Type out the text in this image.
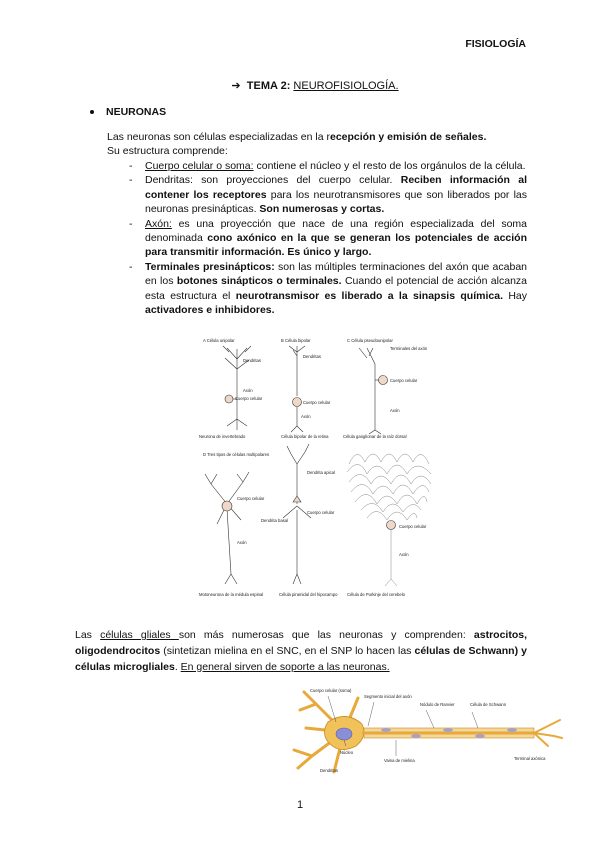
FISIOLOGÍA
➔ TEMA 2: NEUROFISIOLOGÍA.
NEURONAS

Las neuronas son células especializadas en la recepción y emisión de señales.

Su estructura comprende:

- Cuerpo celular o soma: contiene el núcleo y el resto de los orgánulos de la célula.
- Dendritas: son proyecciones del cuerpo celular. Reciben información al contener los receptores para los neurotransmisores que son liberados por las neuronas presinápticas. Son numerosas y cortas.
- Axón: es una proyección que nace de una región especializada del soma denominada cono axónico en la que se generan los potenciales de acción para transmitir información. Es único y largo.
- Terminales presinápticos: son las múltiples terminaciones del axón que acaban en los botones sinápticos o terminales. Cuando el potencial de acción alcanza esta estructura el neurotransmisor es liberado a la sinapsis química. Hay activadores e inhibidores.
A Célula unipolar
Dendritas
Axón
Cuerpo celular
Neurona de invertebrado
B Célula bipolar
Dendritas
Cuerpo celular
Axón
Célula bipolar de la retina
C Célula pseudounipolar
Terminales del axón
Cuerpo celular
Axón
Célula ganglionar de la raíz dorsal
D Tres tipos de células multipolares
Cuerpo celular
Axón
Dendrita apical
Dendrita basal
Cuerpo celular
Cuerpo celular
Axón
Motoneurona de la médula espinal	Célula piramidal del hipocampo Célula de Purkinje del cerebelo
Las células gliales son más numerosas que las neuronas y comprenden: astrocitos, oligodendrocitos (sintetizan mielina en el SNC, en el SNP lo hacen las células de Schwann) y células microgliales. En general sirven de soporte a las neuronas.
Cuerpo celular (soma)
Segmento inicial del axón
Núcleo
Nódulo de Ranvier	Célula de Schwann
Terminal axónica
Dendritas
Vaina de mielina
1
